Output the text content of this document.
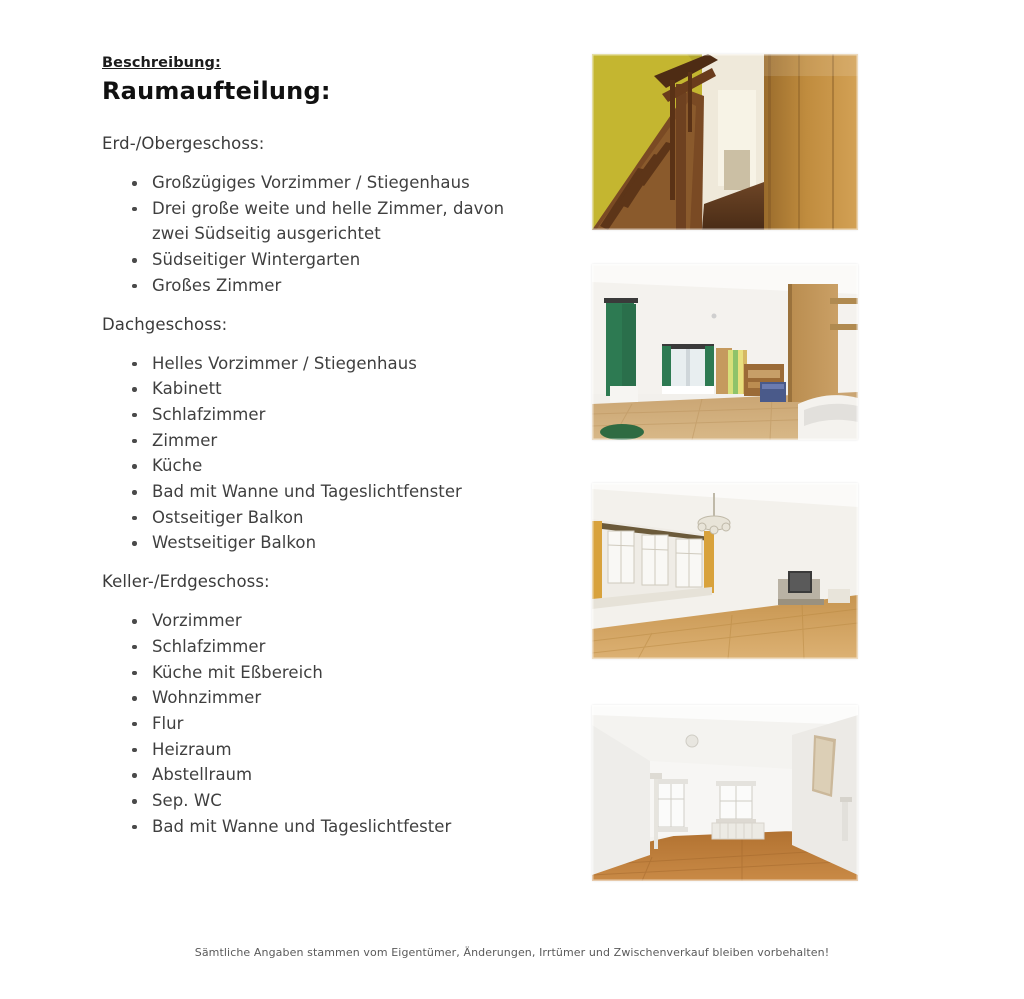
Beschreibung:
Raumaufteilung:
Erd-/Obergeschoss:
Großzügiges Vorzimmer / Stiegenhaus
Drei große weite und helle Zimmer, davon zwei Südseitig ausgerichtet
Südseitiger Wintergarten
Großes Zimmer
Dachgeschoss:
Helles Vorzimmer / Stiegenhaus
Kabinett
Schlafzimmer
Zimmer
Küche
Bad mit Wanne und Tageslichtfenster
Ostseitiger Balkon
Westseitiger Balkon
Keller-/Erdgeschoss:
Vorzimmer
Schlafzimmer
Küche mit Eßbereich
Wohnzimmer
Flur
Heizraum
Abstellraum
Sep. WC
Bad mit Wanne und Tageslichtfester
Sämtliche Angaben stammen vom Eigentümer, Änderungen, Irrtümer und Zwischenverkauf bleiben vorbehalten!
